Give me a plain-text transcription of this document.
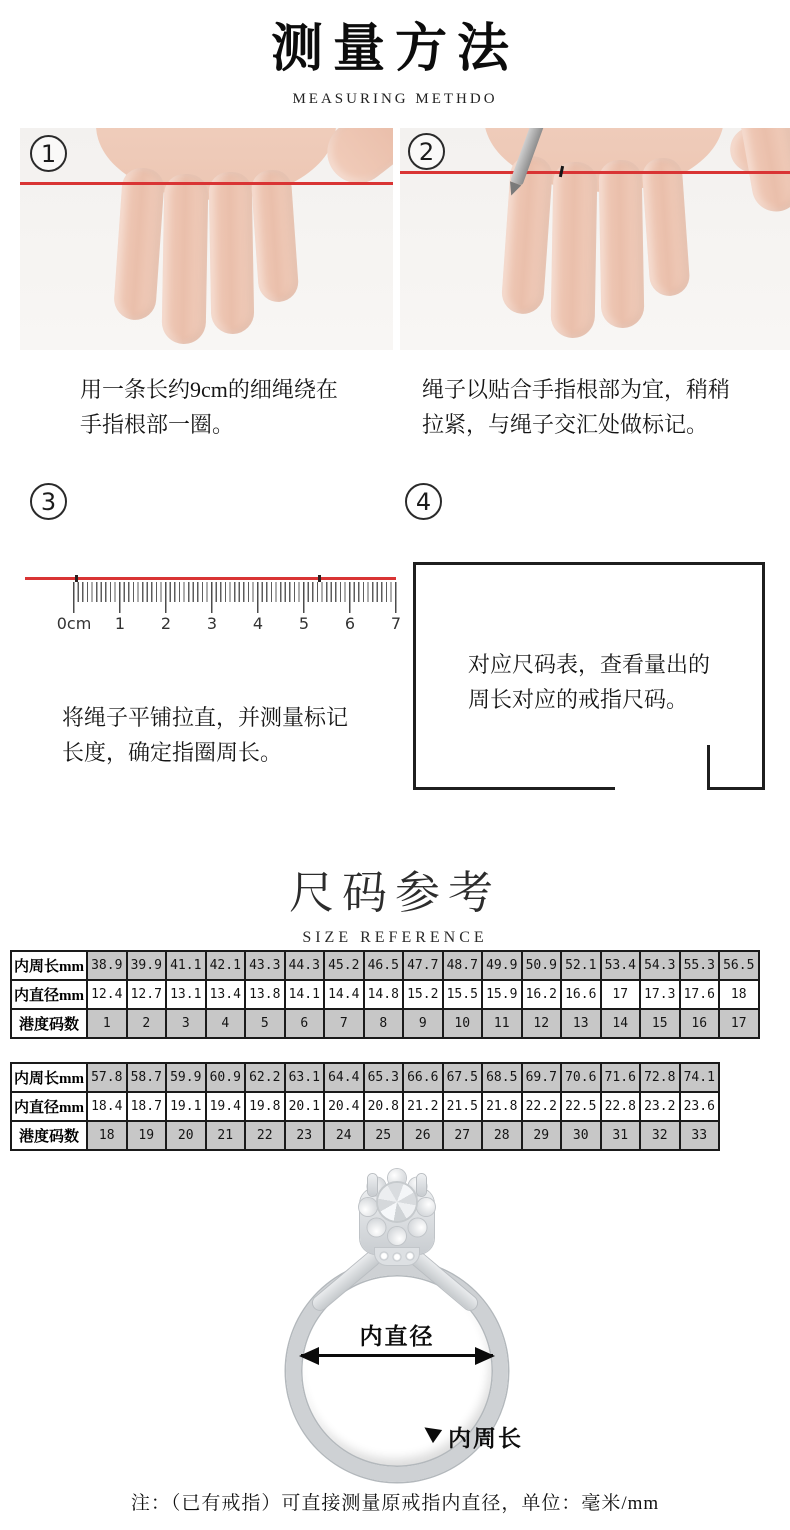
测量方法
MEASURING METHDO
1	2
用一条长约9cm的细绳绕在
手指根部一圈。
绳子以贴合手指根部为宜，稍稍
拉紧，与绳子交汇处做标记。
3
0cm 1 2 3 4 5 6 7
将绳子平铺拉直，并测量标记
长度，确定指圈周长。
4
对应尺码表，查看量出的
周长对应的戒指尺码。
尺码参考
SIZE REFERENCE
内周长mm	38.9	39.9	41.1	42.1	43.3	44.3	45.2	46.5	47.7	48.7	49.9	50.9	52.1	53.4	54.3	55.3	56.5
内直径mm	12.4	12.7	13.1	13.4	13.8	14.1	14.4	14.8	15.2	15.5	15.9	16.2	16.6	17	17.3	17.6	18
港度码数	1	2	3	4	5	6	7	8	9	10	11	12	13	14	15	16	17
内周长mm	57.8	58.7	59.9	60.9	62.2	63.1	64.4	65.3	66.6	67.5	68.5	69.7	70.6	71.6	72.8	74.1
内直径mm	18.4	18.7	19.1	19.4	19.8	20.1	20.4	20.8	21.2	21.5	21.8	22.2	22.5	22.8	23.2	23.6
港度码数	18	19	20	21	22	23	24	25	26	27	28	29	30	31	32	33
内直径
内周长
注：（已有戒指）可直接测量原戒指内直径，单位：毫米/mm
